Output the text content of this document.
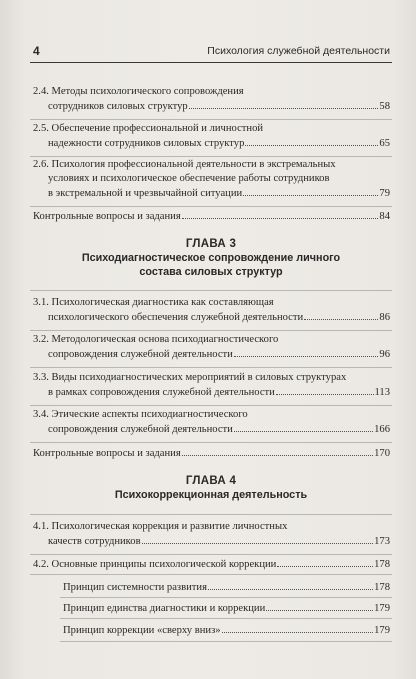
4	Психология служебной деятельности
2.4. Методы психологического сопровождения
сотрудников силовых структур	58
2.5. Обеспечение профессиональной и личностной
надежности сотрудников силовых структур	65
2.6. Психология профессиональной деятельности в экстремальных
условиях и психологическое обеспечение работы сотрудников
в экстремальной и чрезвычайной ситуации	79
Контрольные вопросы и задания	84
ГЛАВА 3
Психодиагностическое сопровождение личного
состава силовых структур
3.1. Психологическая диагностика как составляющая
психологического обеспечения служебной деятельности	86
3.2. Методологическая основа психодиагностического
сопровождения служебной деятельности	96
3.3. Виды психодиагностических мероприятий в силовых структурах
в рамках сопровождения служебной деятельности	113
3.4. Этические аспекты психодиагностического
сопровождения служебной деятельности	166
Контрольные вопросы и задания	170
ГЛАВА 4
Психокоррекционная деятельность
4.1. Психологическая коррекция и развитие личностных
качеств сотрудников	173
4.2. Основные принципы психологической коррекции	178
Принцип системности развития	178
Принцип единства диагностики и коррекции	179
Принцип коррекции «сверху вниз»	179
